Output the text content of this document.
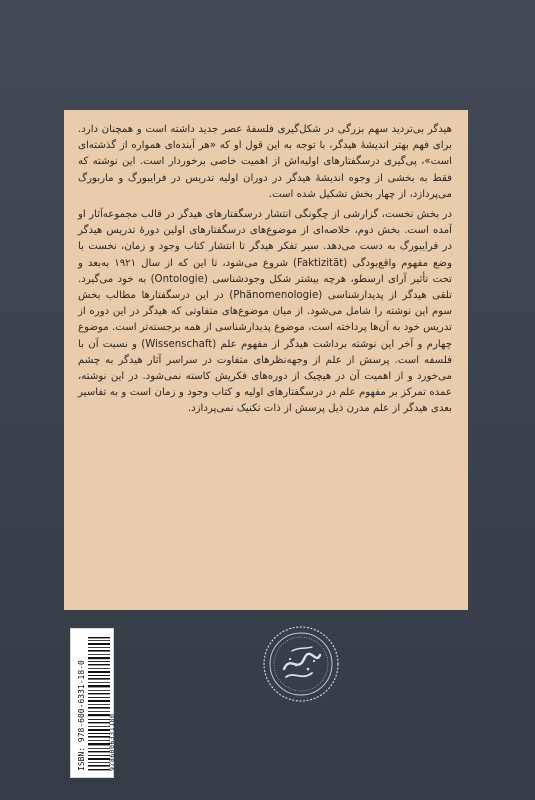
هیدگر بی‌تردید سهم بزرگی در شکل‌گیری فلسفهٔ عصر جدید داشته است و همچنان دارد. برای فهم بهتر اندیشهٔ هیدگر، با توجه به این قول او که «هر آینده‌ای همواره از گذشته‌ای است»، پی‌گیری درسگفتارهای اولیه‌اش از اهمیت خاصی برخوردار است. این نوشته که فقط به بخشی از وجوه اندیشهٔ هیدگر در دوران اولیه تدریس در فرایبورگ و ماربورگ می‌پردازد، از چهار بخش تشکیل شده است.

در بخش نخست، گزارشی از چگونگی انتشار درسگفتارهای هیدگر در قالب مجموعه‌آثار او آمده است. بخش دوم، خلاصه‌ای از موضوع‌های درسگفتارهای اولین دورهٔ تدریس هیدگر در فرایبورگ به دست می‌دهد. سیر تفکر هیدگر تا انتشار کتاب وجود و زمان، نخست با وضع مفهوم واقع‌بودگی (Faktizität) شروع می‌شود، تا این که از سال ۱۹۲۱ به‌بعد و تحت تأثیر آرای ارسطو، هرچه بیشتر شکل وجودشناسی (Ontologie) به خود می‌گیرد. تلقی هیدگر از پدیدارشناسی (Phänomenologie) در این درسگفتارها مطالب بخش سوم این نوشته را شامل می‌شود. از میان موضوع‌های متفاوتی که هیدگر در این دوره از تدریس خود به آن‌ها پرداخته است، موضوع پدیدارشناسی از همه برجسته‌تر است. موضوع چهارم و آخر این نوشته برداشت هیدگر از مفهوم علم (Wissenschaft) و نسبت آن با فلسفه است. پرسش از علم از وجهه‌نظرهای متفاوت در سراسر آثار هیدگر به چشم می‌خورد و از اهمیت آن در هیچیک از دوره‌های فکریش کاسته نمی‌شود. در این نوشته، عمده تمرکز بر مفهوم علم در درسگفتارهای اولیه و کتاب وجود و زمان است و به تفاسیر بعدی هیدگر از علم مدرن ذیل پرسش از ذات تکنیک نمی‌پردازد.

ISBN: 978-600-6331-18-0	9786006331180
